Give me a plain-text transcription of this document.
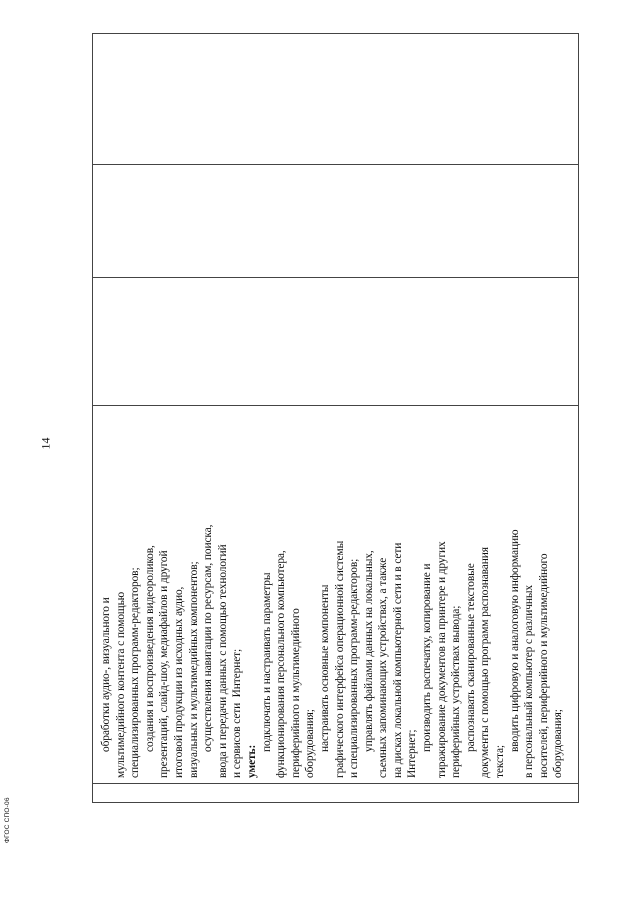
14
обработки аудио-, визуального и мультимедийного контента с помощью специализированных программ-редакторов; создания и воспроизведения видеороликов, презентаций, слайд-шоу, медиафайлов и другой итоговой продукции из исходных аудио, визуальных и мультимедийных компонентов; осуществления навигации по ресурсам, поиска, ввода и передачи данных с помощью технологий и сервисов сети  Интернет; уметь:
подключать и настраивать параметры функционирования персонального компьютера, периферийного и мультимедийного оборудования; настраивать основные компоненты графического интерфейса операционной системы и специализированных программ-редакторов; управлять файлами данных на локальных, съемных запоминающих устройствах, а также на дисках локальной компьютерной сети и в сети Интернет;
производить распечатку, копирование и тиражирование документов на принтере и других периферийных устройствах вывода; распознавать сканированные текстовые документы с помощью программ распознавания текста;
вводить цифровую и аналоговую информацию в персональный компьютер с различных носителей, периферийного и мультимедийного оборудования;
ФГОС СПО-06
